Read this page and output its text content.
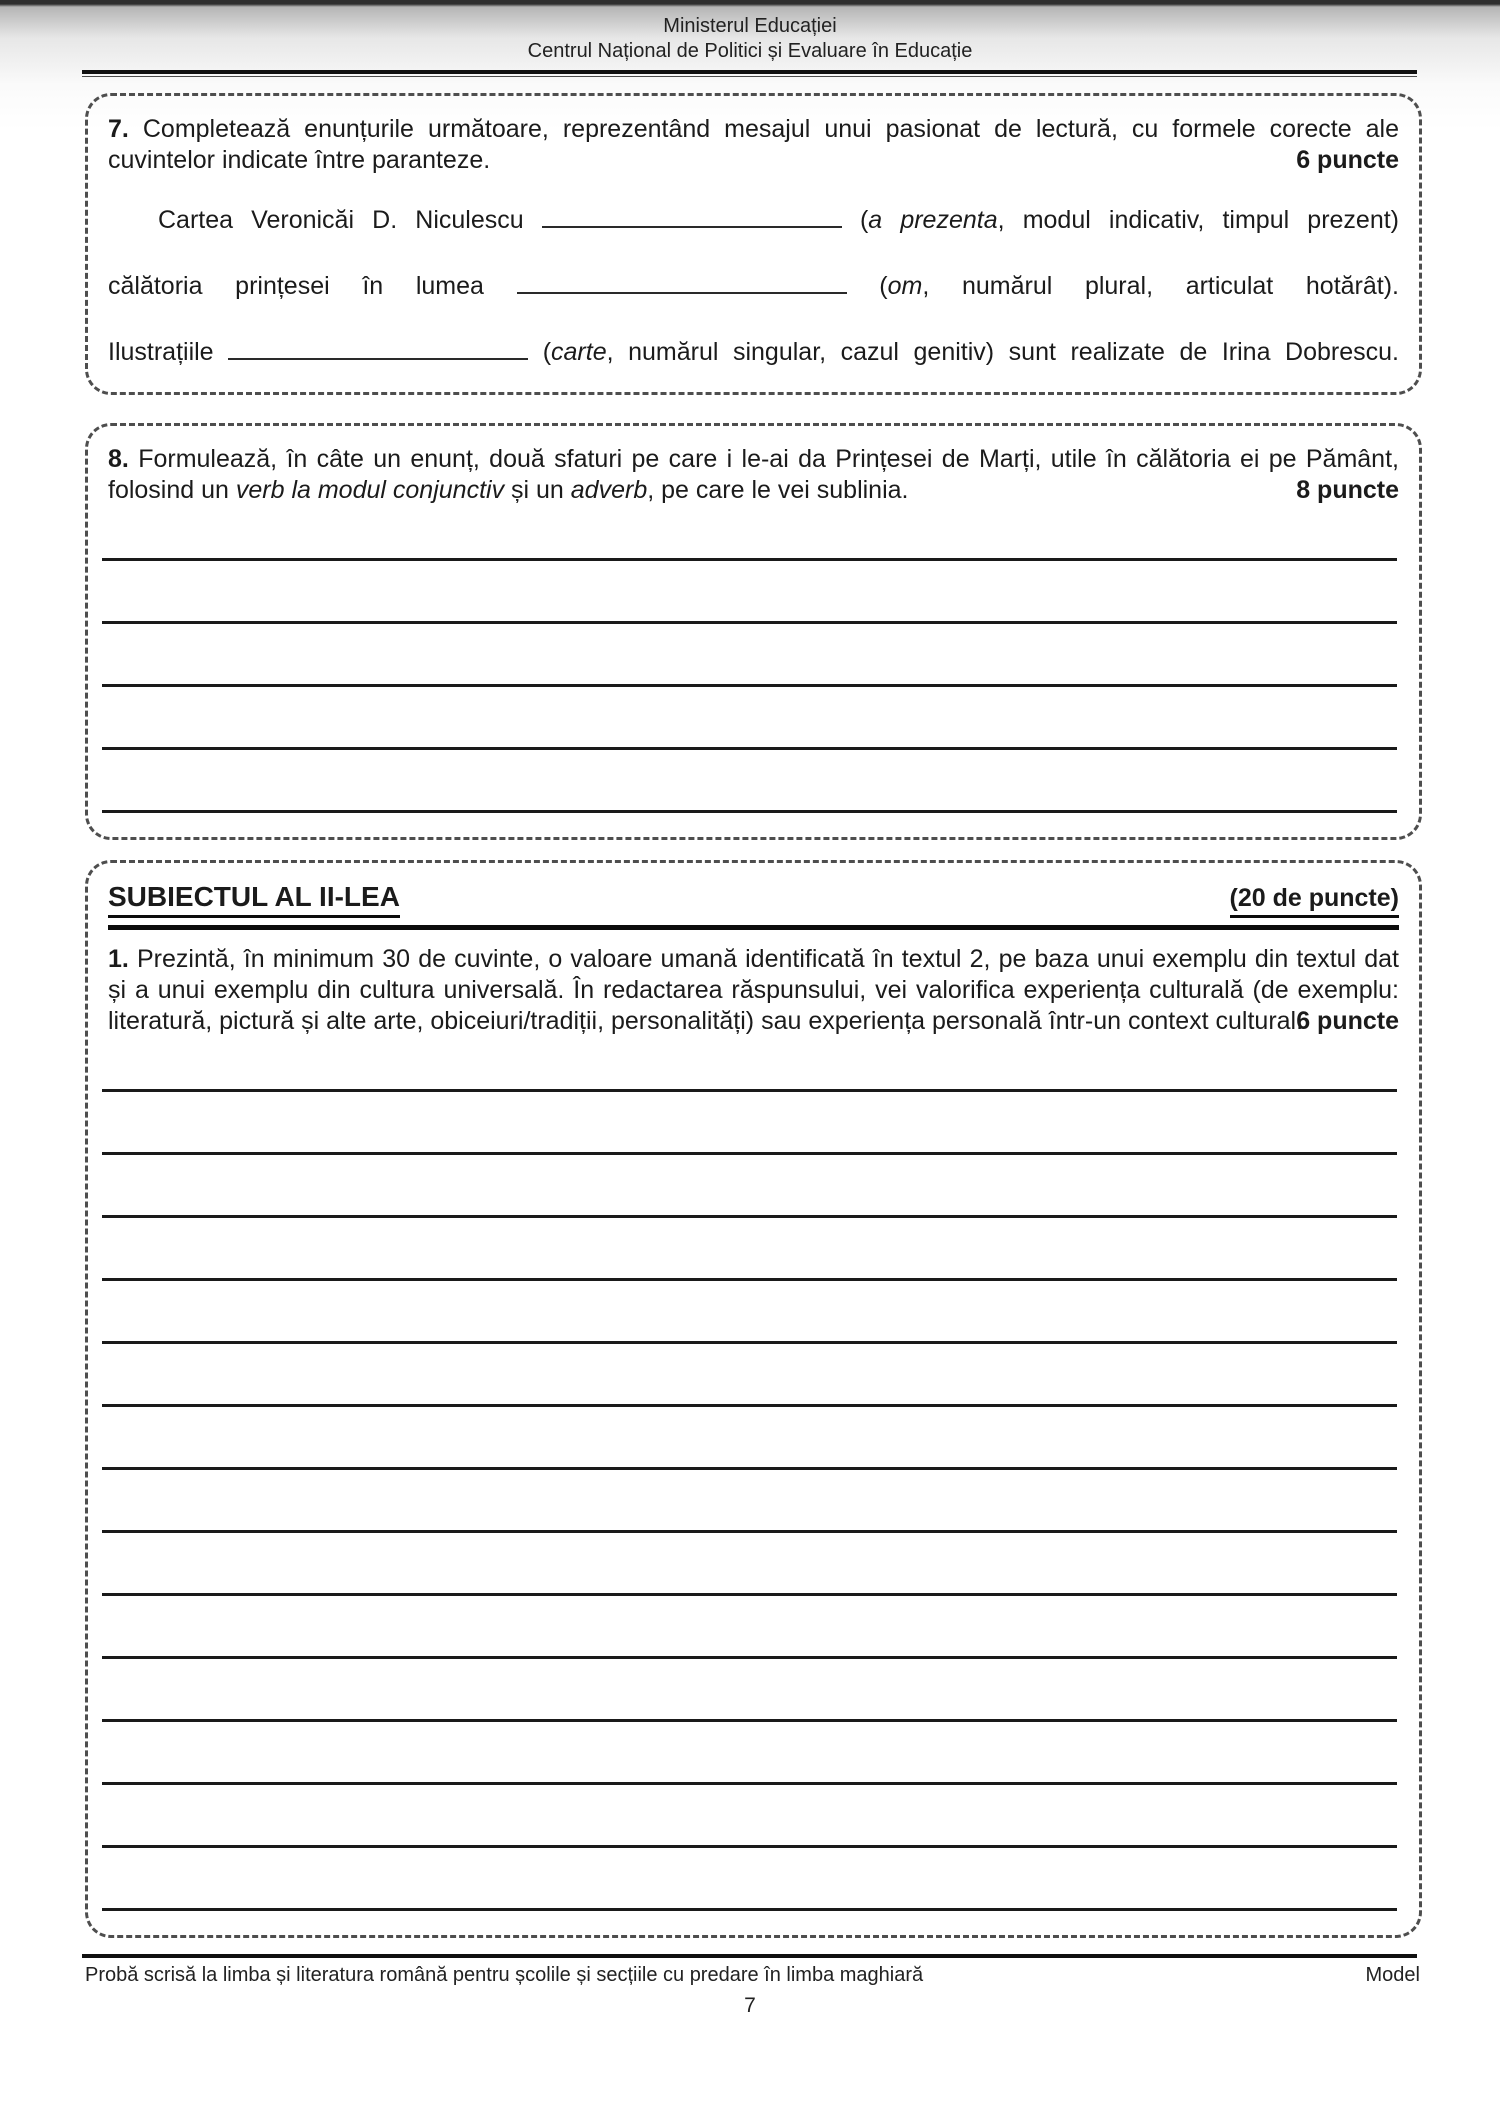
Ministerul Educației
Centrul Național de Politici și Evaluare în Educație

7. Completează enunțurile următoare, reprezentând mesajul unui pasionat de lectură, cu formele corecte ale cuvintelor indicate între paranteze.	6 puncte

Cartea Veronicăi D. Niculescu	(a prezenta, modul indicativ, timpul prezent)
călătoria prințesei în lumea	(om, numărul plural, articulat hotărât).
Ilustrațiile	(carte, numărul singular, cazul genitiv) sunt realizate de Irina Dobrescu.

8. Formulează, în câte un enunț, două sfaturi pe care i le-ai da Prințesei de Marți, utile în călătoria ei pe Pământ, folosind un verb la modul conjunctiv și un adverb, pe care le vei sublinia.	8 puncte

SUBIECTUL AL II-LEA	(20 de puncte)

1. Prezintă, în minimum 30 de cuvinte, o valoare umană identificată în textul 2, pe baza unui exemplu din textul dat și a unui exemplu din cultura universală. În redactarea răspunsului, vei valorifica experiența culturală (de exemplu: literatură, pictură și alte arte, obiceiuri/tradiții, personalități) sau experiența personală într-un context cultural.
6 puncte

Probă scrisă la limba și literatura română pentru școlile și secțiile cu predare în limba maghiară	Model
7
